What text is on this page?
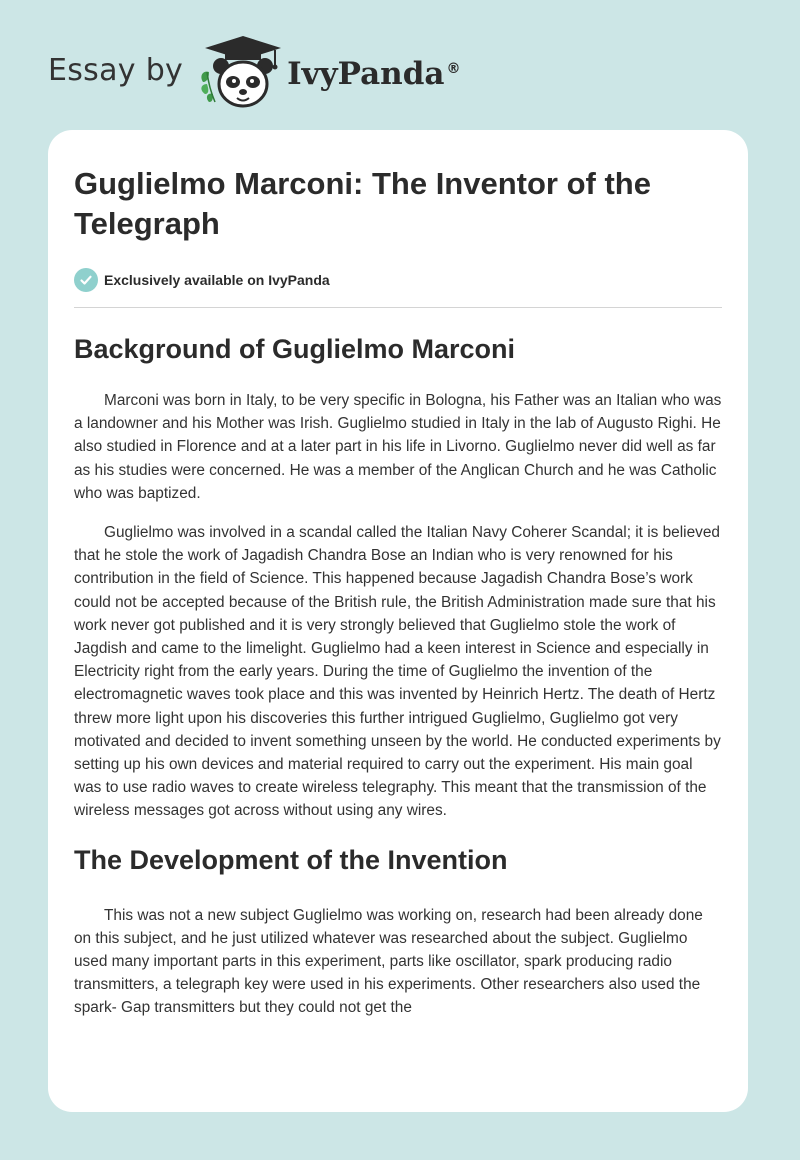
Essay by	IvyPanda ®
Guglielmo Marconi: The Inventor of the Telegraph
Exclusively available on IvyPanda
Background of Guglielmo Marconi

Marconi was born in Italy, to be very specific in Bologna, his Father was an Italian who was a landowner and his Mother was Irish. Guglielmo studied in Italy in the lab of Augusto Righi. He also studied in Florence and at a later part in his life in Livorno. Guglielmo never did well as far as his studies were concerned. He was a member of the Anglican Church and he was Catholic who was baptized.

Guglielmo was involved in a scandal called the Italian Navy Coherer Scandal; it is believed that he stole the work of Jagadish Chandra Bose an Indian who is very renowned for his contribution in the field of Science. This happened because Jagadish Chandra Bose’s work could not be accepted because of the British rule, the British Administration made sure that his work never got published and it is very strongly believed that Guglielmo stole the work of Jagdish and came to the limelight. Guglielmo had a keen interest in Science and especially in Electricity right from the early years. During the time of Guglielmo the invention of the electromagnetic waves took place and this was invented by Heinrich Hertz. The death of Hertz threw more light upon his discoveries this further intrigued Guglielmo, Guglielmo got very motivated and decided to invent something unseen by the world. He conducted experiments by setting up his own devices and material required to carry out the experiment. His main goal was to use radio waves to create wireless telegraphy. This meant that the transmission of the wireless messages got across without using any wires.

The Development of the Invention

This was not a new subject Guglielmo was working on, research had been already done on this subject, and he just utilized whatever was researched about the subject. Guglielmo used many important parts in this experiment, parts like oscillator, spark producing radio transmitters, a telegraph key were used in his experiments. Other researchers also used the spark- Gap transmitters but they could not get the
